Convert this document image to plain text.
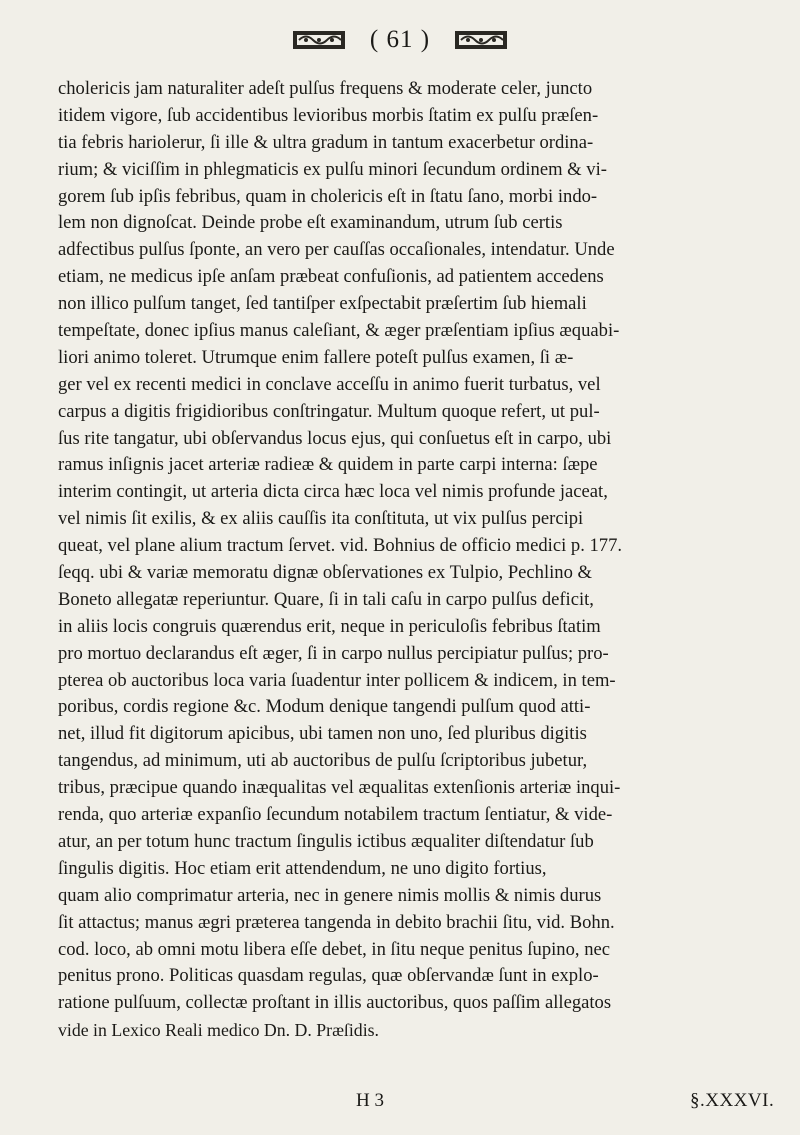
( 61 )
cholericis jam naturaliter adeſt pulſus frequens & moderate celer, junctо
itidem vigore, ſub accidentibus levioribus morbis ſtatim ex pulſu præſen-
tia febris hariolerur, ſi ille & ultra gradum in tantum exacerbetur ordina-
rium; & viciſſim in phlegmaticis ex pulſu minori ſecundum ordinem & vi-
gorem ſub ipſis febribus, quam in cholericis eſt in ſtatu ſano, morbi indo-
lem non dignoſcat. Deinde probe eſt examinandum, utrum ſub certis
adfectibus pulſus ſponte, an vero per cauſſas occaſionales, intendatur. Unde
etiam, ne medicus ipſe anſam præbeat confuſionis, ad patientem accedens
non illico pulſum tanget, ſed tantiſper exſpectabit præſertim ſub hiemali
tempeſtate, donec ipſius manus caleſiant, & æger præſentiam ipſius æquabi-
liori animo toleret. Utrumque enim fallere poteſt pulſus examen, ſi æ-
ger vel ex recenti medici in conclave acceſſu in animo fuerit turbatus, vel
carpus a digitis frigidioribus conſtringatur. Multum quoque refert, ut pul-
ſus rite tangatur, ubi obſervandus locus ejus, qui conſuetus eſt in carpo, ubi
ramus inſignis jacet arteriæ radieæ & quidem in parte carpi interna: ſæpe
interim contingit, ut arteria dicta circa hæc loca vel nimis profunde jaceat,
vel nimis ſit exilis, & ex aliis cauſſis ita conſtituta, ut vix pulſus percipi
queat, vel plane alium tractum ſervet. vid. Bohnius de officio medici p. 177.
ſeqq. ubi & variæ memoratu dignæ obſervationes ex Tulpio, Pechlino &
Boneto allegatæ reperiuntur. Quare, ſi in tali caſu in carpo pulſus deficit,
in aliis locis congruis quærendus erit, neque in periculoſis febribus ſtatim
pro mortuo declarandus eſt æger, ſi in carpo nullus percipiatur pulſus; pro-
pterea ob auctoribus loca varia ſuadentur inter pollicem & indicem, in tem-
poribus, cordis regione &c. Modum denique tangendi pulſum quod atti-
net, illud fit digitorum apicibus, ubi tamen non uno, ſed pluribus digitis
tangendus, ad minimum, uti ab auctoribus de pulſu ſcriptoribus jubetur,
tribus, præcipue quando inæqualitas vel æqualitas extenſionis arteriæ inqui-
renda, quo arteriæ expanſio ſecundum notabilem tractum ſentiatur, & vide-
atur, an per totum hunc tractum ſingulis ictibus æqualiter diſtendatur ſub
ſingulis digitis. Hoc etiam erit attendendum, ne uno digito fortius,
quam alio comprimatur arteria, nec in genere nimis mollis & nimis durus
ſit attactus; manus ægri præterea tangenda in debito brachii ſitu, vid. Bohn.
cod. loco, ab omni motu libera eſſe debet, in ſitu neque penitus ſupino, nec
penitus prono. Politicas quasdam regulas, quæ obſervandæ ſunt in explo-
ratione pulſuum, collectæ proſtant in illis auctoribus, quos paſſim allegatos
vide in Lexico Reali medico Dn. D. Præſidis.
H 3	§.XXXVI.
